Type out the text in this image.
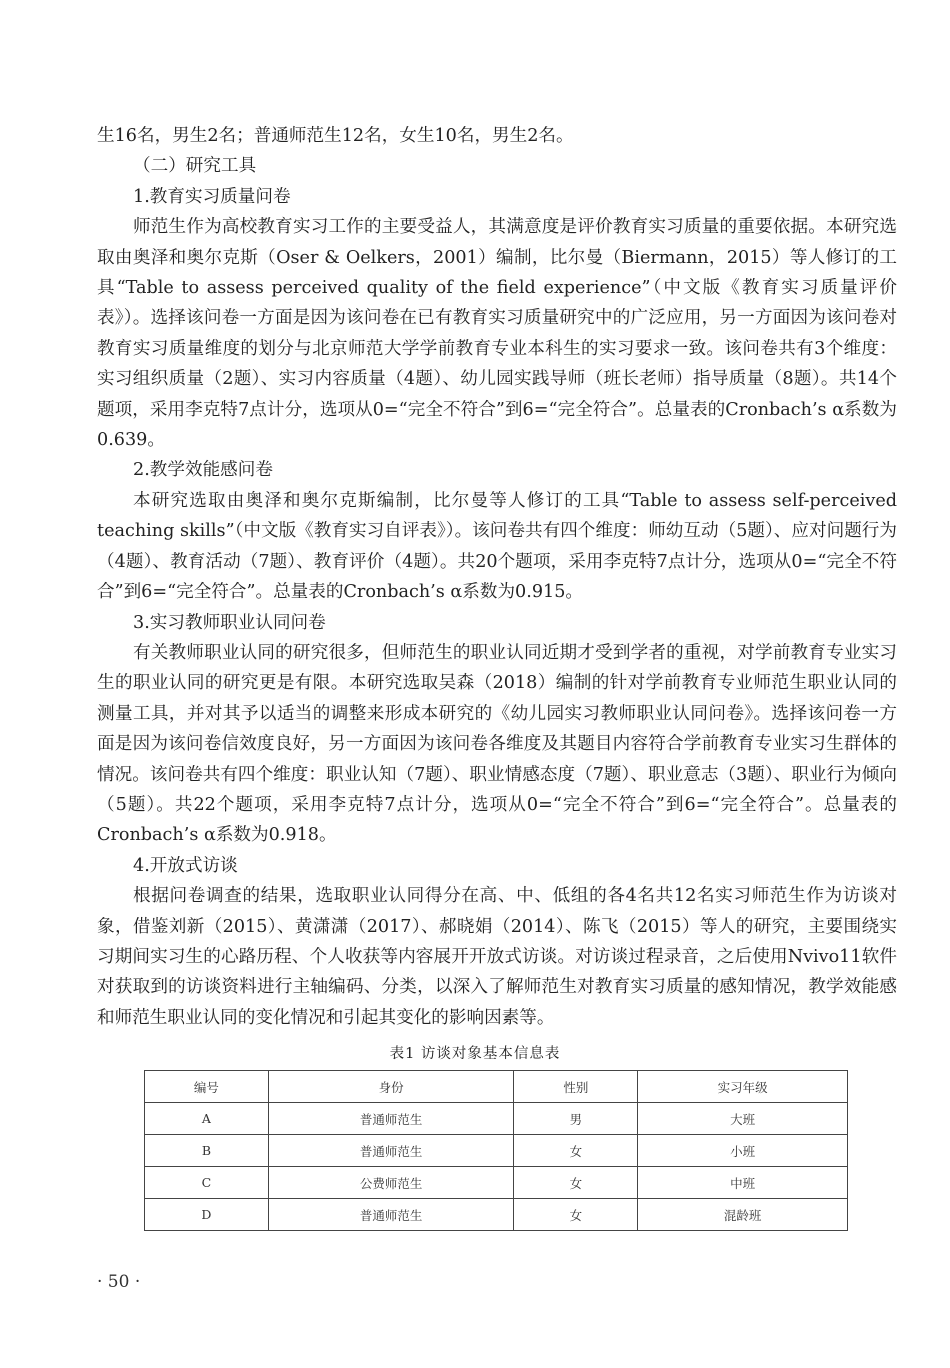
生16名，男生2名；普通师范生12名，女生10名，男生2名。

（二）研究工具

1.教育实习质量问卷

师范生作为高校教育实习工作的主要受益人，其满意度是评价教育实习质量的重要依据。本研究选取由奥泽和奥尔克斯（Oser & Oelkers，2001）编制，比尔曼（Biermann，2015）等人修订的工具“Table to assess perceived quality of the field experience”（中文版《教育实习质量评价表》）。选择该问卷一方面是因为该问卷在已有教育实习质量研究中的广泛应用，另一方面因为该问卷对教育实习质量维度的划分与北京师范大学学前教育专业本科生的实习要求一致。该问卷共有3个维度：实习组织质量（2题）、实习内容质量（4题）、幼儿园实践导师（班长老师）指导质量（8题）。共14个题项，采用李克特7点计分，选项从0=“完全不符合”到6=“完全符合”。总量表的Cronbach’s α系数为0.639。

2.教学效能感问卷

本研究选取由奥泽和奥尔克斯编制，比尔曼等人修订的工具“Table to assess self-perceived teaching skills”（中文版《教育实习自评表》）。该问卷共有四个维度：师幼互动（5题）、应对问题行为（4题）、教育活动（7题）、教育评价（4题）。共20个题项，采用李克特7点计分，选项从0=“完全不符合”到6=“完全符合”。总量表的Cronbach’s α系数为0.915。

3.实习教师职业认同问卷

有关教师职业认同的研究很多，但师范生的职业认同近期才受到学者的重视，对学前教育专业实习生的职业认同的研究更是有限。本研究选取吴森（2018）编制的针对学前教育专业师范生职业认同的测量工具，并对其予以适当的调整来形成本研究的《幼儿园实习教师职业认同问卷》。选择该问卷一方面是因为该问卷信效度良好，另一方面因为该问卷各维度及其题目内容符合学前教育专业实习生群体的情况。该问卷共有四个维度：职业认知（7题）、职业情感态度（7题）、职业意志（3题）、职业行为倾向（5题）。共22个题项，采用李克特7点计分，选项从0=“完全不符合”到6=“完全符合”。总量表的Cronbach’s α系数为0.918。

4.开放式访谈

根据问卷调查的结果，选取职业认同得分在高、中、低组的各4名共12名实习师范生作为访谈对象，借鉴刘新（2015）、黄潇潇（2017）、郝晓娟（2014）、陈飞（2015）等人的研究，主要围绕实习期间实习生的心路历程、个人收获等内容展开开放式访谈。对访谈过程录音，之后使用Nvivo11软件对获取到的访谈资料进行主轴编码、分类，以深入了解师范生对教育实习质量的感知情况，教学效能感和师范生职业认同的变化情况和引起其变化的影响因素等。

表1 访谈对象基本信息表
编号	身份	性别	实习年级
A	普通师范生	男	大班
B	普通师范生	女	小班
C	公费师范生	女	中班
D	普通师范生	女	混龄班
· 50 ·
